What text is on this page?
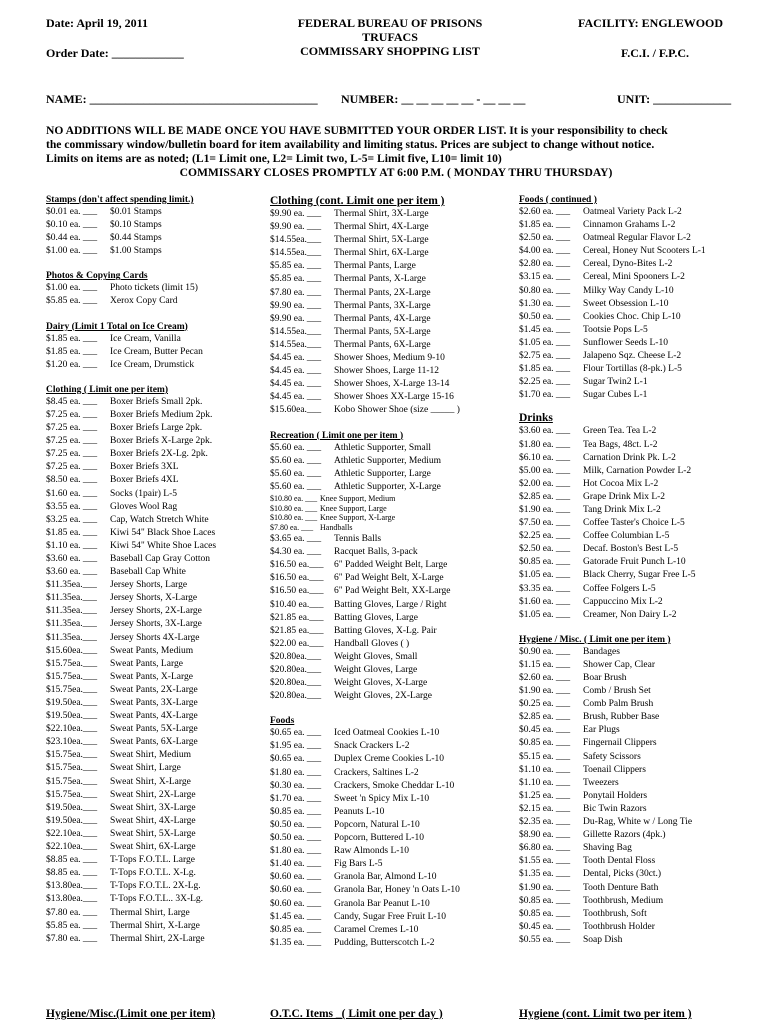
Date: April 19, 2011
Order Date: ____________
FEDERAL BUREAU OF PRISONS
TRUFACS
COMMISSARY SHOPPING LIST
FACILITY: ENGLEWOOD
F.C.I. / F.P.C.
NAME: ______________________________________ NUMBER: __ __ __ __ __ - __ __ __	UNIT: _____________
NO ADDITIONS WILL BE MADE ONCE YOU HAVE SUBMITTED YOUR ORDER LIST. It is your responsibility to check
the commissary window/bulletin board for item availability and limiting status. Prices are subject to change without notice.
Limits on items are as noted; (L1= Limit one, L2= Limit two, L-5= Limit five, L10= limit 10)
COMMISSARY CLOSES PROMPTLY AT 6:00 P.M. ( MONDAY THRU THURSDAY)
Stamps (don't affect spending limit.)
$0.01 ea. ___ $0.01 Stamps
$0.10 ea. ___ $0.10 Stamps
$0.44 ea. ___ $0.44 Stamps
$1.00 ea. ___ $1.00 Stamps
Photos & Copying Cards
$1.00 ea. ___ Photo tickets (limit 15)
$5.85 ea. ___ Xerox Copy Card
Dairy (Limit 1 Total on Ice Cream)
$1.85 ea. ___ Ice Cream, Vanilla
$1.85 ea. ___ Ice Cream, Butter Pecan
$1.20 ea. ___ Ice Cream, Drumstick
Clothing ( Limit one per item)
$8.45 ea. ___ Boxer Briefs Small 2pk.
$7.25 ea. ___ Boxer Briefs Medium 2pk.
$7.25 ea. ___ Boxer Briefs Large 2pk.
$7.25 ea. ___ Boxer Briefs X-Large 2pk.
$7.25 ea. ___ Boxer Briefs 2X-Lg. 2pk.
$7.25 ea. ___ Boxer Briefs 3XL
$8.50 ea. ___ Boxer Briefs 4XL
$1.60 ea. ___ Socks (1pair) L-5
$3.55 ea. ___ Gloves Wool Rag
$3.25 ea. ___ Cap, Watch Stretch White
$1.85 ea. ___ Kiwi 54" Black Shoe Laces
$1.10 ea. ___ Kiwi 54" White Shoe Laces
$3.60 ea. ___ Baseball Cap Gray Cotton
$3.60 ea. ___ Baseball Cap White
$11.35ea.___ Jersey Shorts, Large
$11.35ea.___ Jersey Shorts, X-Large
$11.35ea.___ Jersey Shorts, 2X-Large
$11.35ea.___ Jersey Shorts, 3X-Large
$11.35ea.___ Jersey Shorts 4X-Large
$15.60ea.___ Sweat Pants, Medium
$15.75ea.___ Sweat Pants, Large
$15.75ea.___ Sweat Pants, X-Large
$15.75ea.___ Sweat Pants, 2X-Large
$19.50ea.___ Sweat Pants, 3X-Large
$19.50ea.___ Sweat Pants, 4X-Large
$22.10ea.___ Sweat Pants, 5X-Large
$23.10ea.___ Sweat Pants, 6X-Large
$15.75ea.___ Sweat Shirt, Medium
$15.75ea.___ Sweat Shirt, Large
$15.75ea.___ Sweat Shirt, X-Large
$15.75ea.___ Sweat Shirt, 2X-Large
$19.50ea.___ Sweat Shirt, 3X-Large
$19.50ea.___ Sweat Shirt, 4X-Large
$22.10ea.___ Sweat Shirt, 5X-Large
$22.10ea.___ Sweat Shirt, 6X-Large
$8.85 ea. ___ T-Tops F.O.T.L. Large
$8.85 ea. ___ T-Tops F.O.T.L. X-Lg.
$13.80ea.___ T-Tops F.O.T.L. 2X-Lg.
$13.80ea.___ T-Tops F.O.T.L.. 3X-Lg.
$7.80 ea. ___ Thermal Shirt, Large
$5.85 ea. ___ Thermal Shirt, X-Large
$7.80 ea. ___ Thermal Shirt, 2X-Large
Clothing (cont. Limit one per item )
$9.90 ea. ___ Thermal Shirt, 3X-Large
$9.90 ea. ___ Thermal Shirt, 4X-Large
$14.55ea.___ Thermal Shirt, 5X-Large
$14.55ea.___ Thermal Shirt, 6X-Large
$5.85 ea. ___ Thermal Pants, Large
$5.85 ea. ___ Thermal Pants, X-Large
$7.80 ea. ___ Thermal Pants, 2X-Large
$9.90 ea. ___ Thermal Pants, 3X-Large
$9.90 ea. ___ Thermal Pants, 4X-Large
$14.55ea.___ Thermal Pants, 5X-Large
$14.55ea.___ Thermal Pants, 6X-Large
$4.45 ea. ___ Shower Shoes, Medium 9-10
$4.45 ea. ___ Shower Shoes, Large 11-12
$4.45 ea. ___ Shower Shoes, X-Large 13-14
$4.45 ea. ___ Shower Shoes XX-Large 15-16
$15.60ea.___ Kobo Shower Shoe (size _____ )
Recreation ( Limit one per item )
$5.60 ea. ___ Athletic Supporter, Small
$5.60 ea. ___ Athletic Supporter, Medium
$5.60 ea. ___ Athletic Supporter, Large
$5.60 ea. ___ Athletic Supporter, X-Large
$10.80 ea. ___ Knee Support, Medium
$10.80 ea. ___ Knee Support, Large
$10.80 ea. ___ Knee Support, X-Large
$7.80 ea. ___ Handballs
$3.65 ea. ___ Tennis Balls
$4.30 ea. ___ Racquet Balls, 3-pack
$16.50 ea.___ 6" Padded Weight Belt, Large
$16.50 ea.___ 6" Pad Weight Belt, X-Large
$16.50 ea.___ 6" Pad Weight Belt, XX-Large
$10.40 ea.___ Batting Gloves, Large / Right
$21.85 ea.___ Batting Gloves, Large
$21.85 ea.___ Batting Gloves, X-Lg. Pair
$22.00 ea.___ Handball Gloves ( )
$20.80ea.___ Weight Gloves, Small
$20.80ea.___ Weight Gloves, Large
$20.80ea.___ Weight Gloves, X-Large
$20.80ea.___ Weight Gloves, 2X-Large
Foods
$0.65 ea. ___ Iced Oatmeal Cookies L-10
$1.95 ea. ___ Snack Crackers L-2
$0.65 ea. ___ Duplex Creme Cookies L-10
$1.80 ea. ___ Crackers, Saltines L-2
$0.30 ea. ___ Crackers, Smoke Cheddar L-10
$1.70 ea. ___ Sweet 'n Spicy Mix L-10
$0.85 ea. ___ Peanuts L-10
$0.50 ea. ___ Popcorn, Natural L-10
$0.50 ea. ___ Popcorn, Buttered L-10
$1.80 ea. ___ Raw Almonds L-10
$1.40 ea. ___ Fig Bars L-5
$0.60 ea. ___ Granola Bar, Almond L-10
$0.60 ea. ___ Granola Bar, Honey 'n Oats L-10
$0.60 ea. ___ Granola Bar Peanut L-10
$1.45 ea. ___ Candy, Sugar Free Fruit L-10
$0.85 ea. ___ Caramel Cremes L-10
$1.35 ea. ___ Pudding, Butterscotch L-2
Foods ( continued )
$2.60 ea. ___ Oatmeal Variety Pack L-2
$1.85 ea. ___ Cinnamon Grahams L-2
$2.50 ea. ___ Oatmeal Regular Flavor L-2
$4.00 ea. ___ Cereal, Honey Nut Scooters L-1
$2.80 ea. ___ Cereal, Dyno-Bites L-2
$3.15 ea. ___ Cereal, Mini Spooners L-2
$0.80 ea. ___ Milky Way Candy L-10
$1.30 ea. ___ Sweet Obsession L-10
$0.50 ea. ___ Cookies Choc. Chip L-10
$1.45 ea. ___ Tootsie Pops L-5
$1.05 ea. ___ Sunflower Seeds L-10
$2.75 ea. ___ Jalapeno Sqz. Cheese L-2
$1.85 ea. ___ Flour Tortillas (8-pk.) L-5
$2.25 ea. ___ Sugar Twin2 L-1
$1.70 ea. ___ Sugar Cubes L-1
Drinks
$3.60 ea. ___ Green Tea. Tea L-2
$1.80 ea. ___ Tea Bags, 48ct. L-2
$6.10 ea. ___ Carnation Drink Pk. L-2
$5.00 ea. ___ Milk, Carnation Powder L-2
$2.00 ea. ___ Hot Cocoa Mix L-2
$2.85 ea. ___ Grape Drink Mix L-2
$1.90 ea. ___ Tang Drink Mix L-2
$7.50 ea. ___ Coffee Taster's Choice L-5
$2.25 ea. ___ Coffee Columbian L-5
$2.50 ea. ___ Decaf. Boston's Best L-5
$0.85 ea. ___ Gatorade Fruit Punch L-10
$1.05 ea. ___ Black Cherry, Sugar Free L-5
$3.35 ea. ___ Coffee Folgers L-5
$1.60 ea. ___ Cappuccino Mix L-2
$1.05 ea. ___ Creamer, Non Dairy L-2
Hygiene / Misc. ( Limit one per item )
$0.90 ea. ___ Bandages
$1.15 ea. ___ Shower Cap, Clear
$2.60 ea. ___ Boar Brush
$1.90 ea. ___ Comb / Brush Set
$0.25 ea. ___ Comb Palm Brush
$2.85 ea. ___ Brush, Rubber Base
$0.45 ea. ___ Ear Plugs
$0.85 ea. ___ Fingernail Clippers
$5.15 ea. ___ Safety Scissors
$1.10 ea. ___ Toenail Clippers
$1.10 ea. ___ Tweezers
$1.25 ea. ___ Ponytail Holders
$2.15 ea. ___ Bic Twin Razors
$2.35 ea. ___ Du-Rag, White w / Long Tie
$8.90 ea. ___ Gillette Razors (4pk.)
$6.80 ea. ___ Shaving Bag
$1.55 ea. ___ Tooth Dental Floss
$1.35 ea. ___ Dental, Picks (30ct.)
$1.90 ea. ___ Tooth Denture Bath
$0.85 ea. ___ Toothbrush, Medium
$0.85 ea. ___ Toothbrush, Soft
$0.45 ea. ___ Toothbrush Holder
$0.55 ea. ___ Soap Dish
Hygiene/Misc.(Limit one per item)	O.T.C. Items _( Limit one per day )	Hygiene (cont. Limit two per item )
